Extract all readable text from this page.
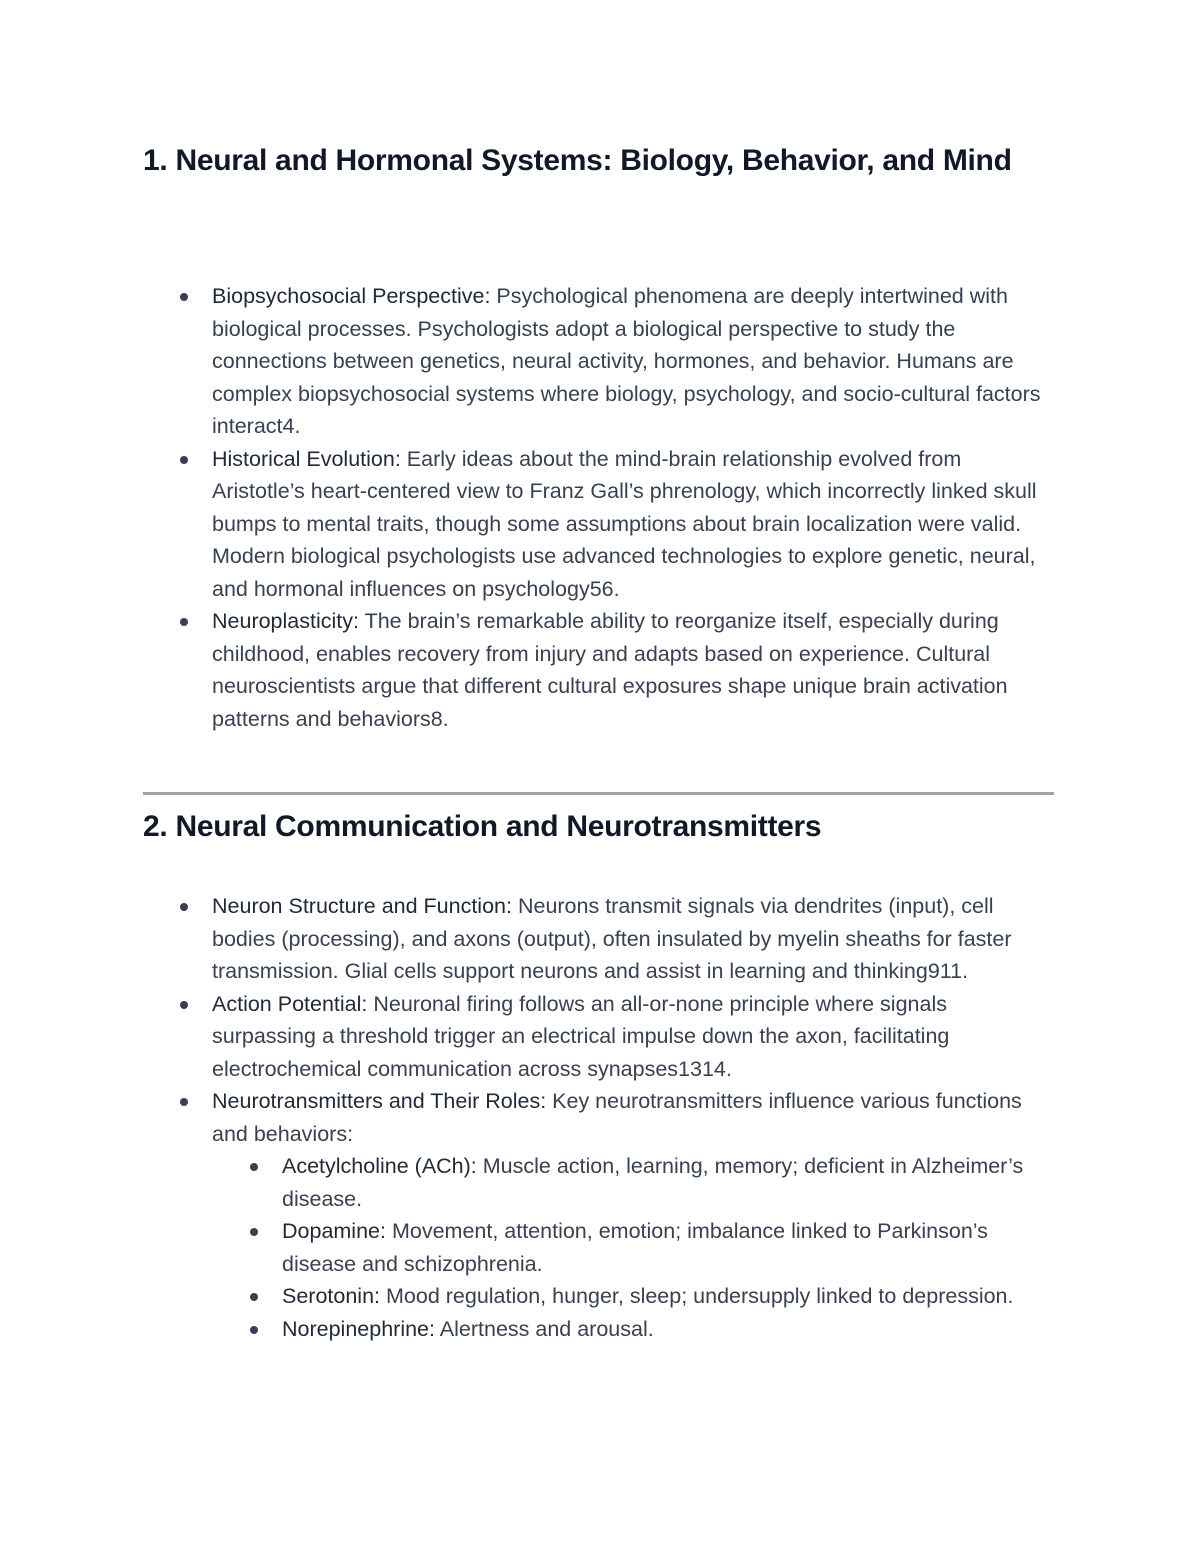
1. Neural and Hormonal Systems: Biology, Behavior, and Mind
Biopsychosocial Perspective: Psychological phenomena are deeply intertwined with biological processes. Psychologists adopt a biological perspective to study the connections between genetics, neural activity, hormones, and behavior. Humans are complex biopsychosocial systems where biology, psychology, and socio-cultural factors interact4.
Historical Evolution: Early ideas about the mind-brain relationship evolved from Aristotle’s heart-centered view to Franz Gall’s phrenology, which incorrectly linked skull bumps to mental traits, though some assumptions about brain localization were valid. Modern biological psychologists use advanced technologies to explore genetic, neural, and hormonal influences on psychology56.
Neuroplasticity: The brain’s remarkable ability to reorganize itself, especially during childhood, enables recovery from injury and adapts based on experience. Cultural neuroscientists argue that different cultural exposures shape unique brain activation patterns and behaviors8.
2. Neural Communication and Neurotransmitters
Neuron Structure and Function: Neurons transmit signals via dendrites (input), cell bodies (processing), and axons (output), often insulated by myelin sheaths for faster transmission. Glial cells support neurons and assist in learning and thinking911.
Action Potential: Neuronal firing follows an all-or-none principle where signals surpassing a threshold trigger an electrical impulse down the axon, facilitating electrochemical communication across synapses1314.
Neurotransmitters and Their Roles: Key neurotransmitters influence various functions and behaviors:
Acetylcholine (ACh): Muscle action, learning, memory; deficient in Alzheimer’s disease.
Dopamine: Movement, attention, emotion; imbalance linked to Parkinson’s disease and schizophrenia.
Serotonin: Mood regulation, hunger, sleep; undersupply linked to depression.
Norepinephrine: Alertness and arousal.
